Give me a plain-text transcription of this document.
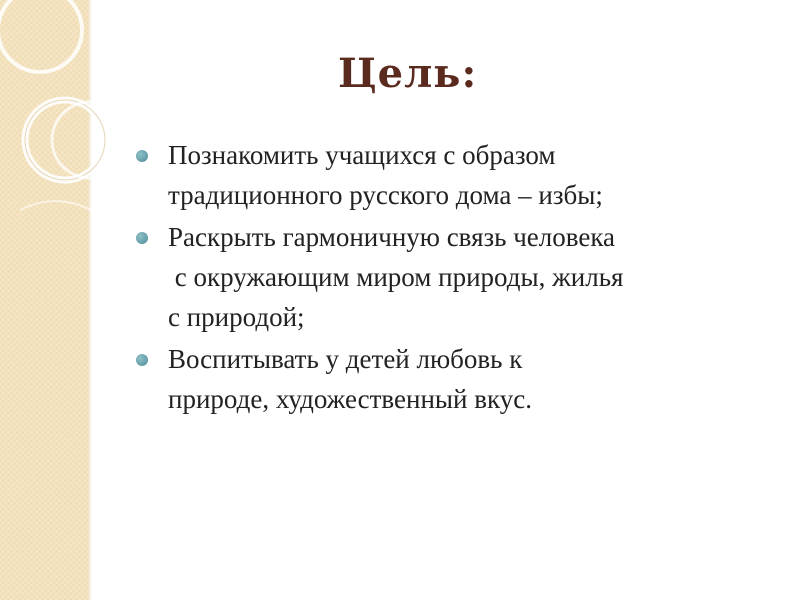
Цель:
Познакомить учащихся с образом
традиционного русского дома – избы;
Раскрыть гармоничную связь человека
с окружающим миром природы, жилья
с природой;
Воспитывать у детей любовь к
природе, художественный вкус.
